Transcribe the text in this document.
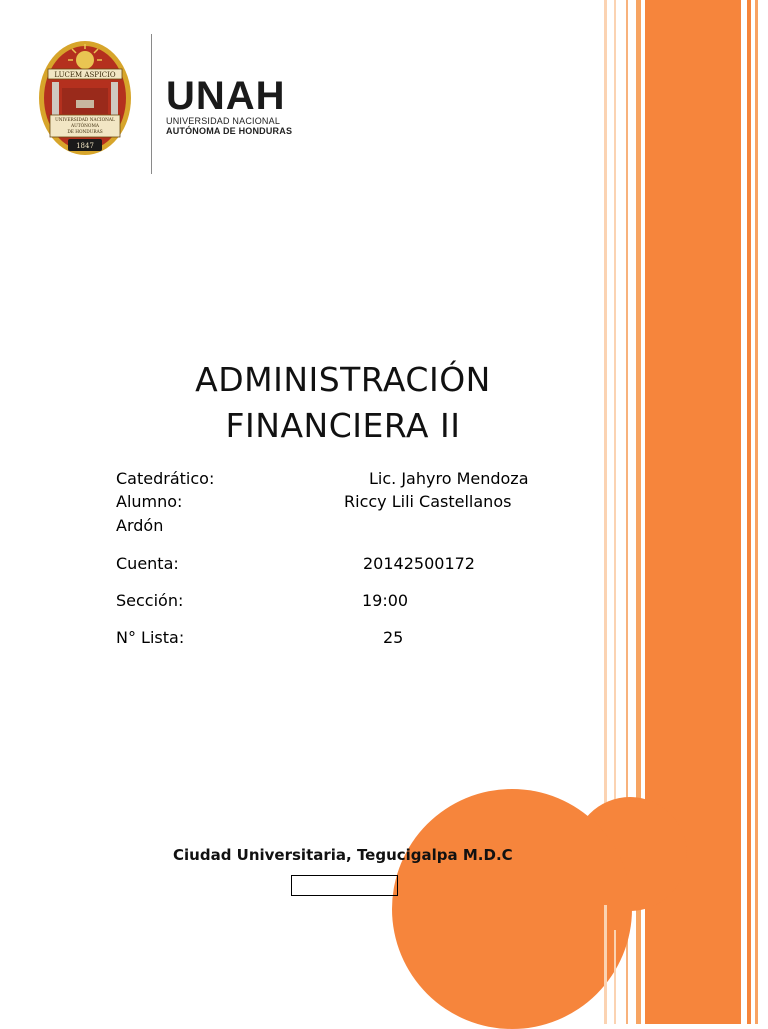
LUCEM ASPICIO
UNIVERSIDAD NACIONAL
AUTÓNOMA
DE HONDURAS
1847
UNAH
UNIVERSIDAD NACIONAL
AUTÓNOMA DE HONDURAS
ADMINISTRACIÓN
FINANCIERA II
Catedrático:	Lic. Jahyro Mendoza
Alumno:	Riccy Lili Castellanos
Ardón
Cuenta:	20142500172
Sección:	19:00
N° Lista:	25
Ciudad Universitaria, Tegucigalpa M.D.C
